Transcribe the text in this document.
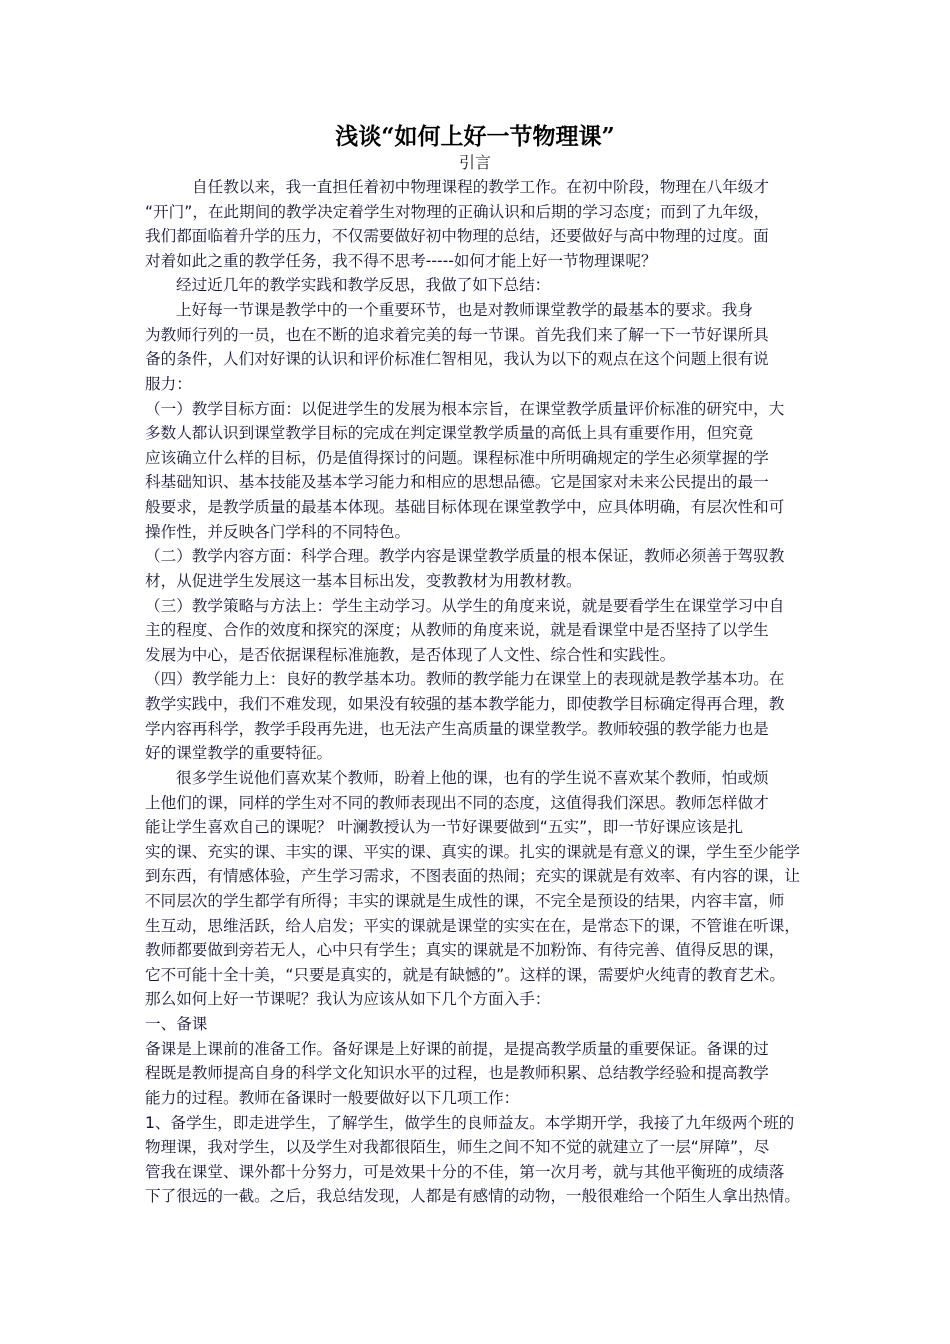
浅谈“如何上好一节物理课”
引言
自任教以来，我一直担任着初中物理课程的教学工作。在初中阶段，物理在八年级才
“开门”，在此期间的教学决定着学生对物理的正确认识和后期的学习态度；而到了九年级，
我们都面临着升学的压力，不仅需要做好初中物理的总结，还要做好与高中物理的过度。面
对着如此之重的教学任务，我不得不思考-----如何才能上好一节物理课呢？
经过近几年的教学实践和教学反思，我做了如下总结：
上好每一节课是教学中的一个重要环节，也是对教师课堂教学的最基本的要求。我身
为教师行列的一员，也在不断的追求着完美的每一节课。首先我们来了解一下一节好课所具
备的条件，人们对好课的认识和评价标准仁智相见，我认为以下的观点在这个问题上很有说
服力：
（一）教学目标方面：以促进学生的发展为根本宗旨，在课堂教学质量评价标准的研究中，大
多数人都认识到课堂教学目标的完成在判定课堂教学质量的高低上具有重要作用，但究竟
应该确立什么样的目标，仍是值得探讨的问题。课程标准中所明确规定的学生必须掌握的学
科基础知识、基本技能及基本学习能力和相应的思想品德。它是国家对未来公民提出的最一
般要求，是教学质量的最基本体现。基础目标体现在课堂教学中，应具体明确，有层次性和可
操作性，并反映各门学科的不同特色。
（二）教学内容方面：科学合理。教学内容是课堂教学质量的根本保证，教师必须善于驾驭教
材，从促进学生发展这一基本目标出发，变教教材为用教材教。
（三）教学策略与方法上：学生主动学习。从学生的角度来说，就是要看学生在课堂学习中自
主的程度、合作的效度和探究的深度；从教师的角度来说，就是看课堂中是否坚持了以学生
发展为中心，是否依据课程标准施教，是否体现了人文性、综合性和实践性。
（四）教学能力上：良好的教学基本功。教师的教学能力在课堂上的表现就是教学基本功。在
教学实践中，我们不难发现，如果没有较强的基本教学能力，即使教学目标确定得再合理，教
学内容再科学，教学手段再先进，也无法产生高质量的课堂教学。教师较强的教学能力也是
好的课堂教学的重要特征。
很多学生说他们喜欢某个教师，盼着上他的课，也有的学生说不喜欢某个教师，怕或烦
上他们的课，同样的学生对不同的教师表现出不同的态度，这值得我们深思。教师怎样做才
能让学生喜欢自己的课呢？ 叶澜教授认为一节好课要做到“五实”，即一节好课应该是扎
实的课、充实的课、丰实的课、平实的课、真实的课。扎实的课就是有意义的课，学生至少能学
到东西，有情感体验，产生学习需求，不图表面的热闹；充实的课就是有效率、有内容的课，让
不同层次的学生都学有所得；丰实的课就是生成性的课，不完全是预设的结果，内容丰富，师
生互动，思维活跃，给人启发；平实的课就是课堂的实实在在，是常态下的课，不管谁在听课，
教师都要做到旁若无人，心中只有学生；真实的课就是不加粉饰、有待完善、值得反思的课，
它不可能十全十美，“只要是真实的，就是有缺憾的”。这样的课，需要炉火纯青的教育艺术。
那么如何上好一节课呢？我认为应该从如下几个方面入手：
一、备课
备课是上课前的准备工作。备好课是上好课的前提，是提高教学质量的重要保证。备课的过
程既是教师提高自身的科学文化知识水平的过程，也是教师积累、总结教学经验和提高教学
能力的过程。教师在备课时一般要做好以下几项工作：
1、备学生，即走进学生，了解学生，做学生的良师益友。本学期开学，我接了九年级两个班的
物理课，我对学生，以及学生对我都很陌生，师生之间不知不觉的就建立了一层“屏障”，尽
管我在课堂、课外都十分努力，可是效果十分的不佳，第一次月考，就与其他平衡班的成绩落
下了很远的一截。之后，我总结发现，人都是有感情的动物，一般很难给一个陌生人拿出热情。
